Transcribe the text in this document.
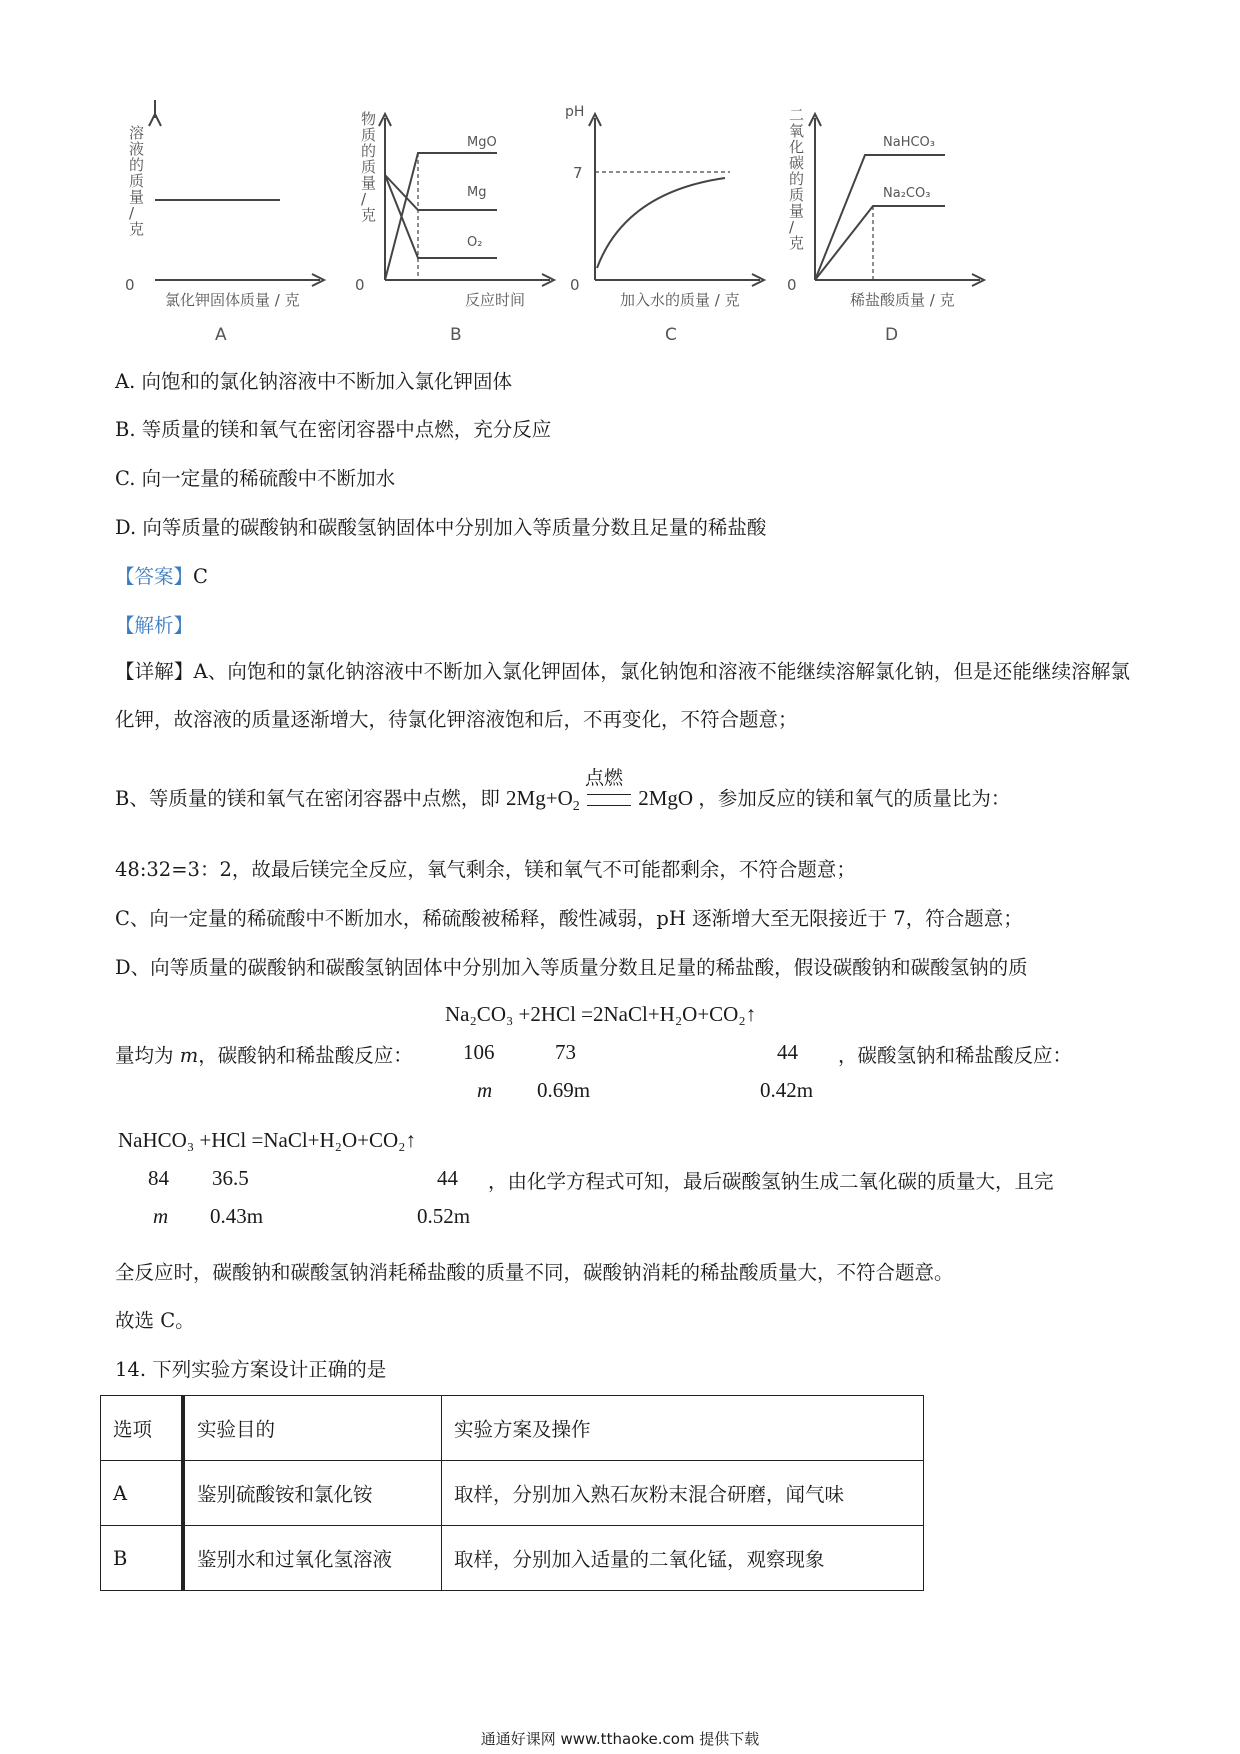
溶液的质量/克
0
氯化钾固体质量 / 克
A
物质的质量/克
MgO
Mg
O₂
0
反应时间
B
pH
7
0
加入水的质量 / 克
C
二氧化碳的质量/克
NaHCO₃
Na₂CO₃
0
稀盐酸质量 / 克
D
A. 向饱和的氯化钠溶液中不断加入氯化钾固体
B. 等质量的镁和氧气在密闭容器中点燃，充分反应
C. 向一定量的稀硫酸中不断加水
D. 向等质量的碳酸钠和碳酸氢钠固体中分别加入等质量分数且足量的稀盐酸
【答案】C
【解析】

【详解】A、向饱和的氯化钠溶液中不断加入氯化钾固体，氯化钠饱和溶液不能继续溶解氯化钠，但是还能继续溶解氯化钾，故溶液的质量逐渐增大，待氯化钾溶液饱和后，不再变化，不符合题意；

B、等质量的镁和氧气在密闭容器中点燃，即 $2Mg+O_2$
点燃
2MgO ，参加反应的镁和氧气的质量比为：
48:32=3：2，故最后镁完全反应，氧气剩余，镁和氧气不可能都剩余，不符合题意；
C、向一定量的稀硫酸中不断加水，稀硫酸被稀释，酸性减弱，pH 逐渐增大至无限接近于 7，符合题意；
D、向等质量的碳酸钠和碳酸氢钠固体中分别加入等质量分数且足量的稀盐酸，假设碳酸钠和碳酸氢钠的质
Na₂CO₃ +2HCl =2NaCl+H₂O+CO₂↑
106	73	44
m 0.69m	0.42m
量均为 m，碳酸钠和稀盐酸反应：	，碳酸氢钠和稀盐酸反应：
NaHCO₃ +HCl =NaCl+H₂O+CO₂↑
84 36.5	44
m 0.43m	0.52m
，由化学方程式可知，最后碳酸氢钠生成二氧化碳的质量大，且完
全反应时，碳酸钠和碳酸氢钠消耗稀盐酸的质量不同，碳酸钠消耗的稀盐酸质量大，不符合题意。
故选 C。
14. 下列实验方案设计正确的是
选项	实验目的	实验方案及操作
A	鉴别硫酸铵和氯化铵	取样，分别加入熟石灰粉末混合研磨，闻气味
B	鉴别水和过氧化氢溶液	取样，分别加入适量的二氧化锰，观察现象
通通好课网 www.tthaoke.com 提供下载
